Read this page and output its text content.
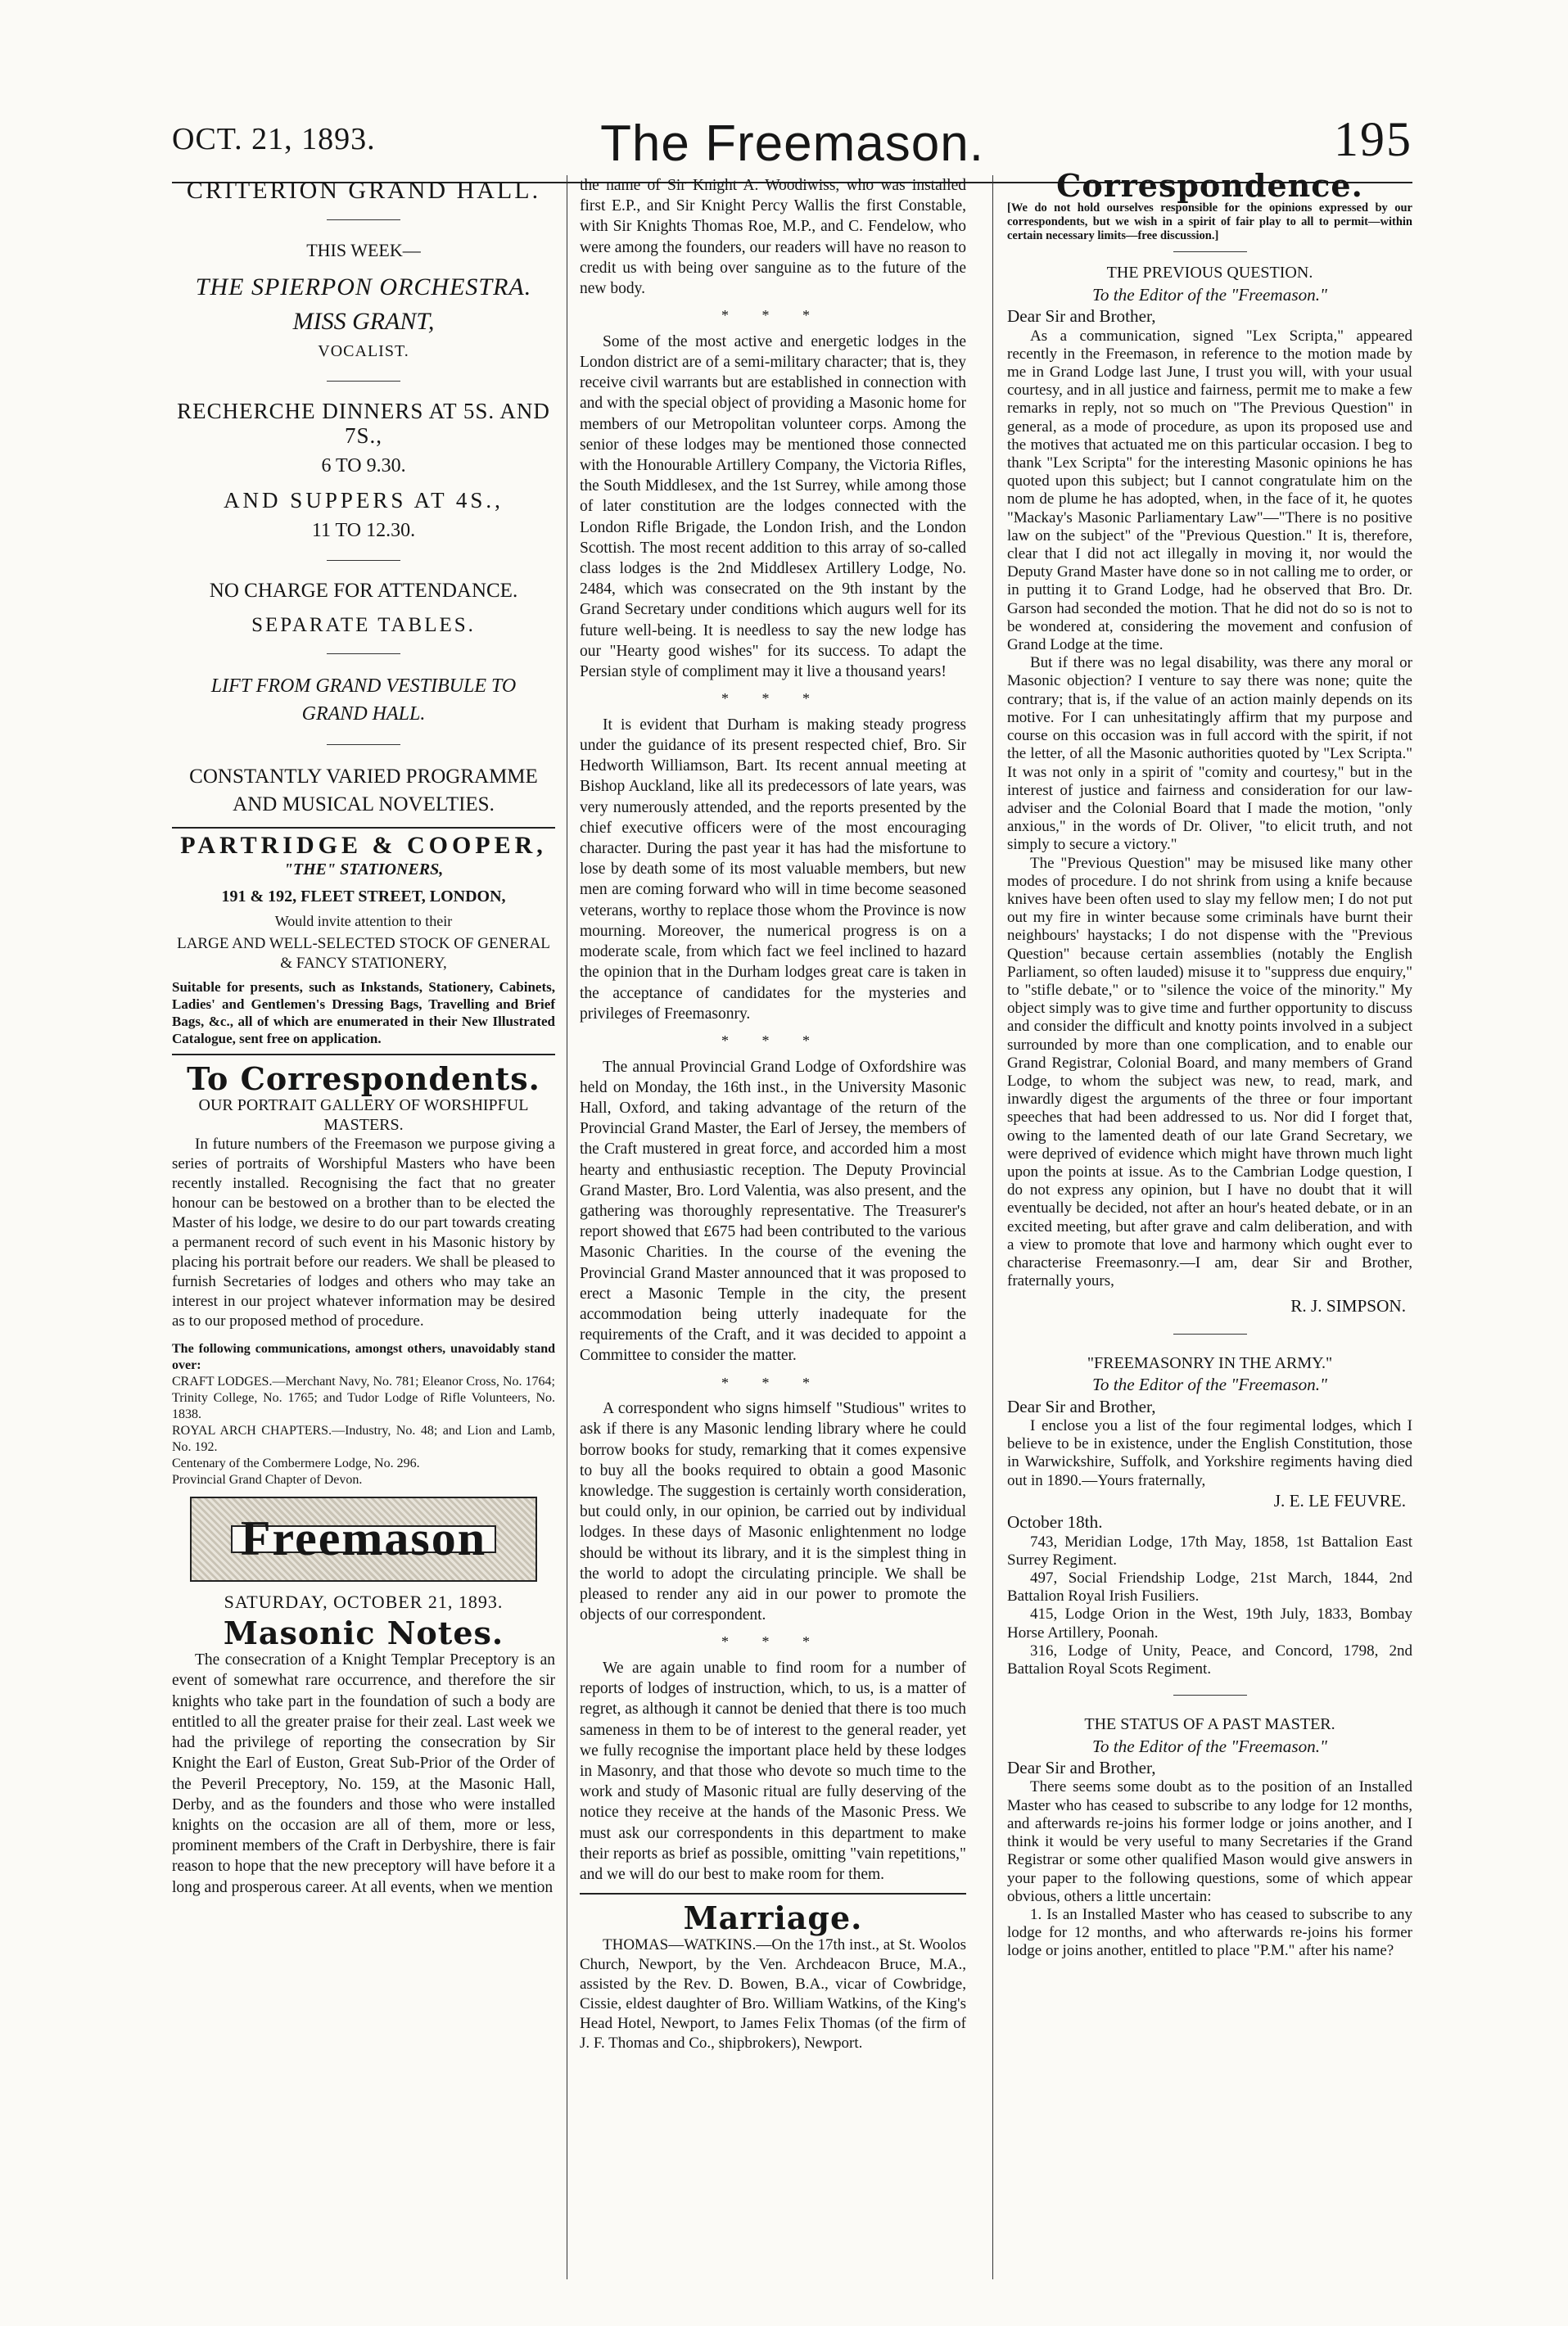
OCT. 21, 1893.	The Freemason.	195
CRITERION GRAND HALL.
THIS WEEK—
THE SPIERPON ORCHESTRA.
MISS GRANT,
VOCALIST.
RECHERCHE DINNERS AT 5S. AND 7S.,
6 TO 9.30.
AND SUPPERS AT 4S.,
11 TO 12.30.
NO CHARGE FOR ATTENDANCE.
SEPARATE TABLES.
LIFT FROM GRAND VESTIBULE TO GRAND HALL.
CONSTANTLY VARIED PROGRAMME AND MUSICAL NOVELTIES.
PARTRIDGE & COOPER,
"THE" STATIONERS,
191 & 192, FLEET STREET, LONDON,
Would invite attention to their
LARGE AND WELL-SELECTED STOCK OF GENERAL & FANCY STATIONERY,
Suitable for presents, such as Inkstands, Stationery, Cabinets, Ladies' and Gentlemen's Dressing Bags, Travelling and Brief Bags, &c., all of which are enumerated in their New Illustrated Catalogue, sent free on application.
To Correspondents.
OUR PORTRAIT GALLERY OF WORSHIPFUL MASTERS.

In future numbers of the Freemason we purpose giving a series of portraits of Worshipful Masters who have been recently installed. Recognising the fact that no greater honour can be bestowed on a brother than to be elected the Master of his lodge, we desire to do our part towards creating a permanent record of such event in his Masonic history by placing his portrait before our readers. We shall be pleased to furnish Secretaries of lodges and others who may take an interest in our project whatever information may be desired as to our proposed method of procedure.

The following communications, amongst others, unavoidably stand over:
CRAFT LODGES.—Merchant Navy, No. 781; Eleanor Cross, No. 1764; Trinity College, No. 1765; and Tudor Lodge of Rifle Volunteers, No. 1838.
ROYAL ARCH CHAPTERS.—Industry, No. 48; and Lion and Lamb, No. 192.
Centenary of the Combermere Lodge, No. 296.
Provincial Grand Chapter of Devon.
Freemason
SATURDAY, OCTOBER 21, 1893.
Masonic Notes.

The consecration of a Knight Templar Preceptory is an event of somewhat rare occurrence, and therefore the sir knights who take part in the foundation of such a body are entitled to all the greater praise for their zeal. Last week we had the privilege of reporting the consecration by Sir Knight the Earl of Euston, Great Sub-Prior of the Order of the Peveril Preceptory, No. 159, at the Masonic Hall, Derby, and as the founders and those who were installed knights on the occasion are all of them, more or less, prominent members of the Craft in Derbyshire, there is fair reason to hope that the new preceptory will have before it a long and prosperous career. At all events, when we mention

the name of Sir Knight A. Woodiwiss, who was installed first E.P., and Sir Knight Percy Wallis the first Constable, with Sir Knights Thomas Roe, M.P., and C. Fendelow, who were among the founders, our readers will have no reason to credit us with being over sanguine as to the future of the new body.

* * *

Some of the most active and energetic lodges in the London district are of a semi-military character; that is, they receive civil warrants but are established in connection with and with the special object of providing a Masonic home for members of our Metropolitan volunteer corps. Among the senior of these lodges may be mentioned those connected with the Honourable Artillery Company, the Victoria Rifles, the South Middlesex, and the 1st Surrey, while among those of later constitution are the lodges connected with the London Rifle Brigade, the London Irish, and the London Scottish. The most recent addition to this array of so-called class lodges is the 2nd Middlesex Artillery Lodge, No. 2484, which was consecrated on the 9th instant by the Grand Secretary under conditions which augurs well for its future well-being. It is needless to say the new lodge has our "Hearty good wishes" for its success. To adapt the Persian style of compliment may it live a thousand years!

* * *

It is evident that Durham is making steady progress under the guidance of its present respected chief, Bro. Sir Hedworth Williamson, Bart. Its recent annual meeting at Bishop Auckland, like all its predecessors of late years, was very numerously attended, and the reports presented by the chief executive officers were of the most encouraging character. During the past year it has had the misfortune to lose by death some of its most valuable members, but new men are coming forward who will in time become seasoned veterans, worthy to replace those whom the Province is now mourning. Moreover, the numerical progress is on a moderate scale, from which fact we feel inclined to hazard the opinion that in the Durham lodges great care is taken in the acceptance of candidates for the mysteries and privileges of Freemasonry.

* * *

The annual Provincial Grand Lodge of Oxfordshire was held on Monday, the 16th inst., in the University Masonic Hall, Oxford, and taking advantage of the return of the Provincial Grand Master, the Earl of Jersey, the members of the Craft mustered in great force, and accorded him a most hearty and enthusiastic reception. The Deputy Provincial Grand Master, Bro. Lord Valentia, was also present, and the gathering was thoroughly representative. The Treasurer's report showed that £675 had been contributed to the various Masonic Charities. In the course of the evening the Provincial Grand Master announced that it was proposed to erect a Masonic Temple in the city, the present accommodation being utterly inadequate for the requirements of the Craft, and it was decided to appoint a Committee to consider the matter.

* * *

A correspondent who signs himself "Studious" writes to ask if there is any Masonic lending library where he could borrow books for study, remarking that it comes expensive to buy all the books required to obtain a good Masonic knowledge. The suggestion is certainly worth consideration, but could only, in our opinion, be carried out by individual lodges. In these days of Masonic enlightenment no lodge should be without its library, and it is the simplest thing in the world to adopt the circulating principle. We shall be pleased to render any aid in our power to promote the objects of our correspondent.

* * *

We are again unable to find room for a number of reports of lodges of instruction, which, to us, is a matter of regret, as although it cannot be denied that there is too much sameness in them to be of interest to the general reader, yet we fully recognise the important place held by these lodges in Masonry, and that those who devote so much time to the work and study of Masonic ritual are fully deserving of the notice they receive at the hands of the Masonic Press. We must ask our correspondents in this department to make their reports as brief as possible, omitting "vain repetitions," and we will do our best to make room for them.

Marriage.

THOMAS—WATKINS.—On the 17th inst., at St. Woolos Church, Newport, by the Ven. Archdeacon Bruce, M.A., assisted by the Rev. D. Bowen, B.A., vicar of Cowbridge, Cissie, eldest daughter of Bro. William Watkins, of the King's Head Hotel, Newport, to James Felix Thomas (of the firm of J. F. Thomas and Co., shipbrokers), Newport.

Correspondence.
[We do not hold ourselves responsible for the opinions expressed by our correspondents, but we wish in a spirit of fair play to all to permit—within certain necessary limits—free discussion.]
THE PREVIOUS QUESTION.
To the Editor of the "Freemason."
Dear Sir and Brother,

As a communication, signed "Lex Scripta," appeared recently in the Freemason, in reference to the motion made by me in Grand Lodge last June, I trust you will, with your usual courtesy, and in all justice and fairness, permit me to make a few remarks in reply, not so much on "The Previous Question" in general, as a mode of procedure, as upon its proposed use and the motives that actuated me on this particular occasion. I beg to thank "Lex Scripta" for the interesting Masonic opinions he has quoted upon this subject; but I cannot congratulate him on the nom de plume he has adopted, when, in the face of it, he quotes "Mackay's Masonic Parliamentary Law"—"There is no positive law on the subject" of the "Previous Question." It is, therefore, clear that I did not act illegally in moving it, nor would the Deputy Grand Master have done so in not calling me to order, or in putting it to Grand Lodge, had he observed that Bro. Dr. Garson had seconded the motion. That he did not do so is not to be wondered at, considering the movement and confusion of Grand Lodge at the time.

But if there was no legal disability, was there any moral or Masonic objection? I venture to say there was none; quite the contrary; that is, if the value of an action mainly depends on its motive. For I can unhesitatingly affirm that my purpose and course on this occasion was in full accord with the spirit, if not the letter, of all the Masonic authorities quoted by "Lex Scripta." It was not only in a spirit of "comity and courtesy," but in the interest of justice and fairness and consideration for our law-adviser and the Colonial Board that I made the motion, "only anxious," in the words of Dr. Oliver, "to elicit truth, and not simply to secure a victory."

The "Previous Question" may be misused like many other modes of procedure. I do not shrink from using a knife because knives have been often used to slay my fellow men; I do not put out my fire in winter because some criminals have burnt their neighbours' haystacks; I do not dispense with the "Previous Question" because certain assemblies (notably the English Parliament, so often lauded) misuse it to "suppress due enquiry," to "stifle debate," or to "silence the voice of the minority." My object simply was to give time and further opportunity to discuss and consider the difficult and knotty points involved in a subject surrounded by more than one complication, and to enable our Grand Registrar, Colonial Board, and many members of Grand Lodge, to whom the subject was new, to read, mark, and inwardly digest the arguments of the three or four important speeches that had been addressed to us. Nor did I forget that, owing to the lamented death of our late Grand Secretary, we were deprived of evidence which might have thrown much light upon the points at issue. As to the Cambrian Lodge question, I do not express any opinion, but I have no doubt that it will eventually be decided, not after an hour's heated debate, or in an excited meeting, but after grave and calm deliberation, and with a view to promote that love and harmony which ought ever to characterise Freemasonry.—I am, dear Sir and Brother, fraternally yours,

R. J. SIMPSON.
"FREEMASONRY IN THE ARMY."
To the Editor of the "Freemason."
Dear Sir and Brother,

I enclose you a list of the four regimental lodges, which I believe to be in existence, under the English Constitution, those in Warwickshire, Suffolk, and Yorkshire regiments having died out in 1890.—Yours fraternally,

J. E. LE FEUVRE.
October 18th.

743, Meridian Lodge, 17th May, 1858, 1st Battalion East Surrey Regiment.

497, Social Friendship Lodge, 21st March, 1844, 2nd Battalion Royal Irish Fusiliers.

415, Lodge Orion in the West, 19th July, 1833, Bombay Horse Artillery, Poonah.

316, Lodge of Unity, Peace, and Concord, 1798, 2nd Battalion Royal Scots Regiment.

THE STATUS OF A PAST MASTER.
To the Editor of the "Freemason."
Dear Sir and Brother,

There seems some doubt as to the position of an Installed Master who has ceased to subscribe to any lodge for 12 months, and afterwards re-joins his former lodge or joins another, and I think it would be very useful to many Secretaries if the Grand Registrar or some other qualified Mason would give answers in your paper to the following questions, some of which appear obvious, others a little uncertain:

1. Is an Installed Master who has ceased to subscribe to any lodge for 12 months, and who afterwards re-joins his former lodge or joins another, entitled to place "P.M." after his name?
